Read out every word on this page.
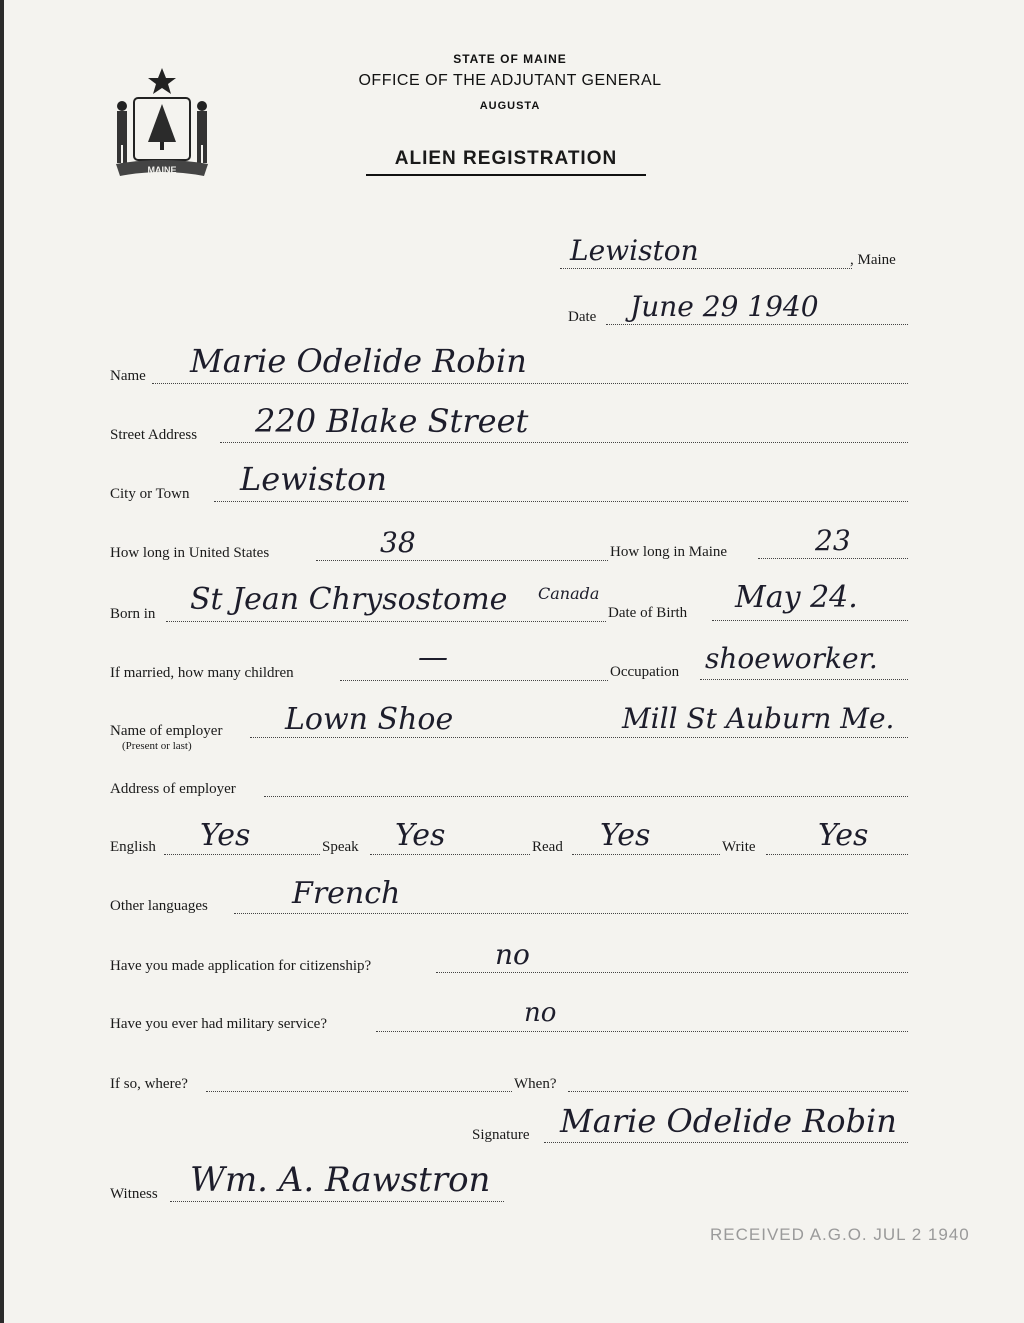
MAINE
STATE OF MAINE
OFFICE OF THE ADJUTANT GENERAL
AUGUSTA
ALIEN REGISTRATION
Lewiston	, Maine
Date June 29 1940
Name Marie Odelide Robin
Street Address 220 Blake Street
City or Town Lewiston
How long in United States	38	How long in Maine	23
Born in St Jean Chrysostome Canada
Date of Birth May 24.
If married, how many children	—	Occupation shoeworker.
Name of employer
(Present or last)
Lown Shoe	Mill St Auburn Me.
Address of employer
English Yes	Speak Yes	Read Yes	Write Yes
Other languages	French
Have you made application for citizenship?	no
Have you ever had military service?	no
If so, where?	When?
Signature Marie Odelide Robin
Witness Wm. A. Rawstron
RECEIVED A.G.O. JUL 2 1940
